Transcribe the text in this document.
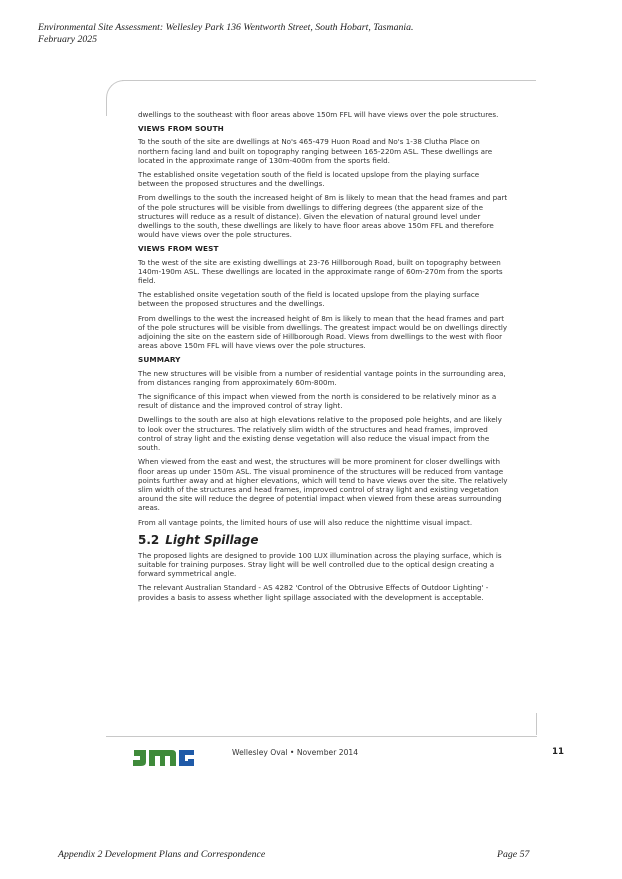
Environmental Site Assessment: Wellesley Park 136 Wentworth Street, South Hobart, Tasmania.
February 2025

dwellings to the southeast with floor areas above 150m FFL will have views over the pole structures.

VIEWS FROM SOUTH

To the south of the site are dwellings at No's 465-479 Huon Road and No's 1-38 Clutha Place on northern facing land and built on topography ranging between 165-220m ASL. These dwellings are located in the approximate range of 130m-400m from the sports field.

The established onsite vegetation south of the field is located upslope from the playing surface between the proposed structures and the dwellings.

From dwellings to the south the increased height of 8m is likely to mean that the head frames and part of the pole structures will be visible from dwellings to differing degrees (the apparent size of the structures will reduce as a result of distance). Given the elevation of natural ground level under dwellings to the south, these dwellings are likely to have floor areas above 150m FFL and therefore would have views over the pole structures.

VIEWS FROM WEST

To the west of the site are existing dwellings at 23-76 Hillborough Road, built on topography between 140m-190m ASL. These dwellings are located in the approximate range of 60m-270m from the sports field.

The established onsite vegetation south of the field is located upslope from the playing surface between the proposed structures and the dwellings.

From dwellings to the west the increased height of 8m is likely to mean that the head frames and part of the pole structures will be visible from dwellings. The greatest impact would be on dwellings directly adjoining the site on the eastern side of Hillborough Road. Views from dwellings to the west with floor areas above 150m FFL will have views over the pole structures.

SUMMARY

The new structures will be visible from a number of residential vantage points in the surrounding area, from distances ranging from approximately 60m-800m.

The significance of this impact when viewed from the north is considered to be relatively minor as a result of distance and the improved control of stray light.

Dwellings to the south are also at high elevations relative to the proposed pole heights, and are likely to look over the structures. The relatively slim width of the structures and head frames, improved control of stray light and the existing dense vegetation will also reduce the visual impact from the south.

When viewed from the east and west, the structures will be more prominent for closer dwellings with floor areas up under 150m ASL. The visual prominence of the structures will be reduced from vantage points further away and at higher elevations, which will tend to have views over the site. The relatively slim width of the structures and head frames, improved control of stray light and existing vegetation around the site will reduce the degree of potential impact when viewed from these areas surrounding areas.

From all vantage points, the limited hours of use will also reduce the nighttime visual impact.

5.2 Light Spillage

The proposed lights are designed to provide 100 LUX illumination across the playing surface, which is suitable for training purposes. Stray light will be well controlled due to the optical design creating a forward symmetrical angle.

The relevant Australian Standard - AS 4282 'Control of the Obtrusive Effects of Outdoor Lighting' - provides a basis to assess whether light spillage associated with the development is acceptable.

Wellesley Oval • November 2014	11
Appendix 2 Development Plans and Correspondence	Page 57
